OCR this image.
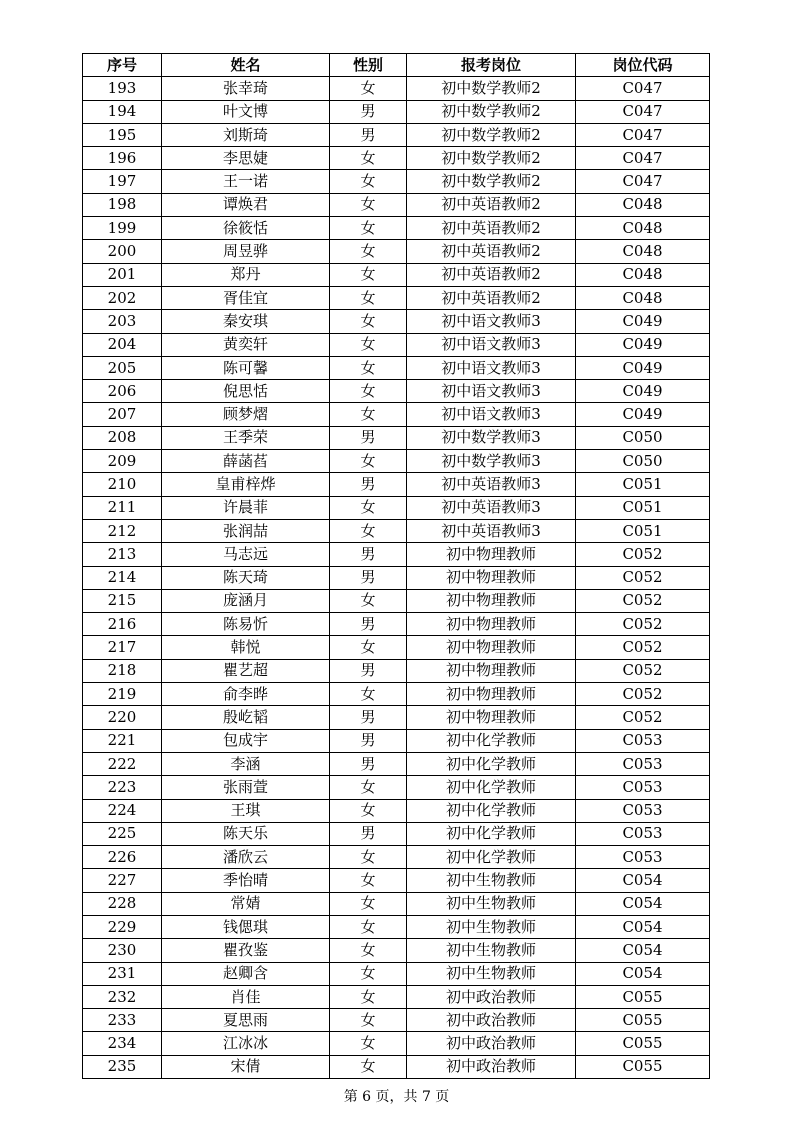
序号	姓名	性别	报考岗位	岗位代码
193	张幸琦	女	初中数学教师2	C047
194	叶文博	男	初中数学教师2	C047
195	刘斯琦	男	初中数学教师2	C047
196	李思婕	女	初中数学教师2	C047
197	王一诺	女	初中数学教师2	C047
198	谭焕君	女	初中英语教师2	C048
199	徐筱恬	女	初中英语教师2	C048
200	周昱骅	女	初中英语教师2	C048
201	郑丹	女	初中英语教师2	C048
202	胥佳宜	女	初中英语教师2	C048
203	秦安琪	女	初中语文教师3	C049
204	黄奕轩	女	初中语文教师3	C049
205	陈可馨	女	初中语文教师3	C049
206	倪思恬	女	初中语文教师3	C049
207	顾梦熠	女	初中语文教师3	C049
208	王季荣	男	初中数学教师3	C050
209	薛菡萏	女	初中数学教师3	C050
210	皇甫梓烨	男	初中英语教师3	C051
211	许晨菲	女	初中英语教师3	C051
212	张润喆	女	初中英语教师3	C051
213	马志远	男	初中物理教师	C052
214	陈天琦	男	初中物理教师	C052
215	庞涵月	女	初中物理教师	C052
216	陈易忻	男	初中物理教师	C052
217	韩悦	女	初中物理教师	C052
218	瞿艺超	男	初中物理教师	C052
219	俞李晔	女	初中物理教师	C052
220	殷屹韬	男	初中物理教师	C052
221	包成宇	男	初中化学教师	C053
222	李涵	男	初中化学教师	C053
223	张雨萱	女	初中化学教师	C053
224	王琪	女	初中化学教师	C053
225	陈天乐	男	初中化学教师	C053
226	潘欣云	女	初中化学教师	C053
227	季怡晴	女	初中生物教师	C054
228	常婧	女	初中生物教师	C054
229	钱偲琪	女	初中生物教师	C054
230	瞿孜鉴	女	初中生物教师	C054
231	赵卿含	女	初中生物教师	C054
232	肖佳	女	初中政治教师	C055
233	夏思雨	女	初中政治教师	C055
234	江冰冰	女	初中政治教师	C055
235	宋倩	女	初中政治教师	C055
第 6 页，共 7 页
